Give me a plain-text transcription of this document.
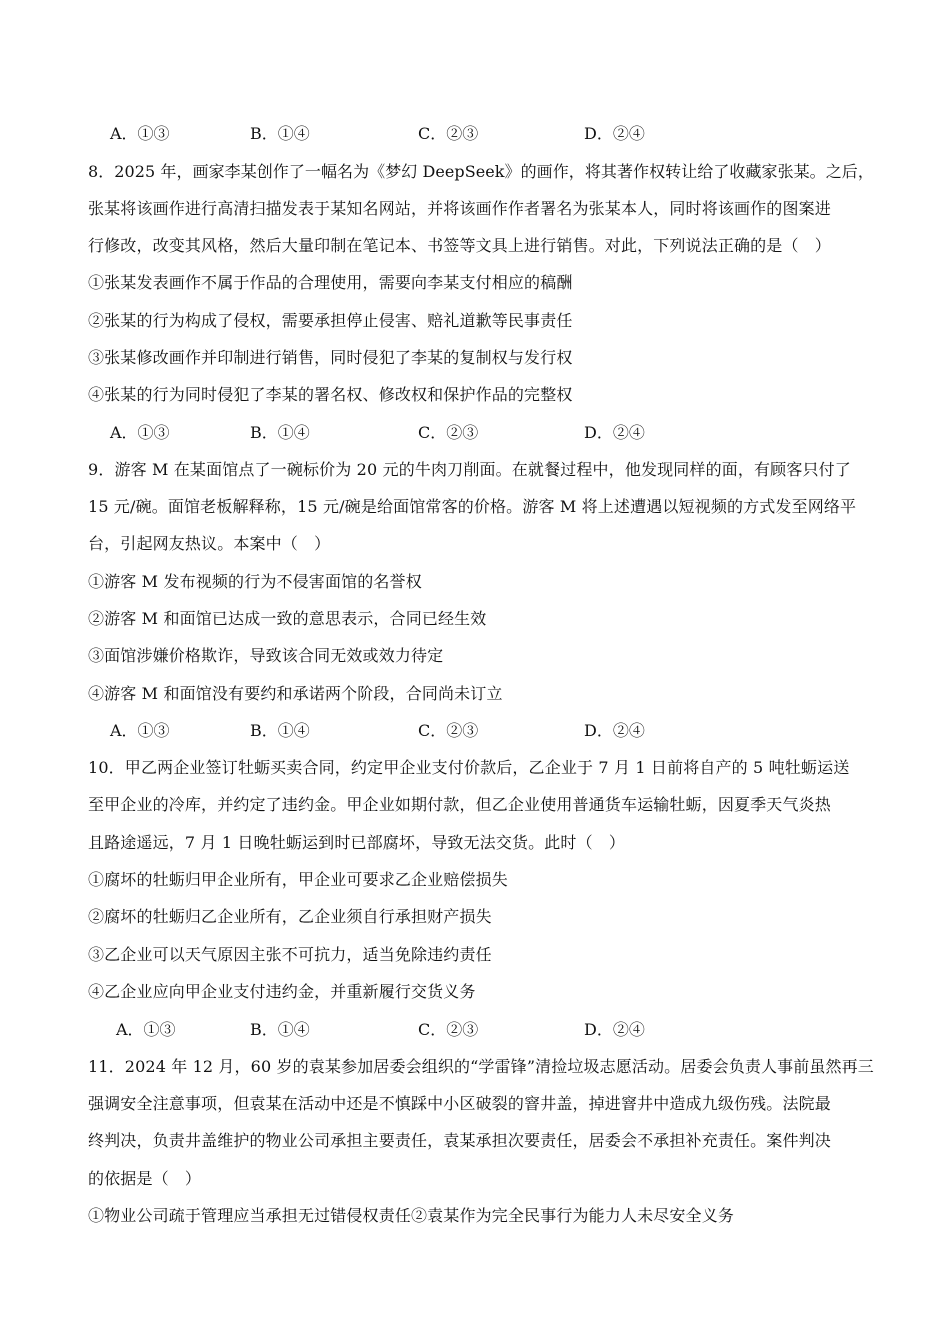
A．①③	B．①④	C．②③	D．②④
8．2025 年，画家李某创作了一幅名为《梦幻 DeepSeek》的画作，将其著作权转让给了收藏家张某。之后，
张某将该画作进行高清扫描发表于某知名网站，并将该画作作者署名为张某本人，同时将该画作的图案进
行修改，改变其风格，然后大量印制在笔记本、书签等文具上进行销售。对此，下列说法正确的是（　）
①张某发表画作不属于作品的合理使用，需要向李某支付相应的稿酬
②张某的行为构成了侵权，需要承担停止侵害、赔礼道歉等民事责任
③张某修改画作并印制进行销售，同时侵犯了李某的复制权与发行权
④张某的行为同时侵犯了李某的署名权、修改权和保护作品的完整权
A．①③	B．①④	C．②③	D．②④
9．游客 M 在某面馆点了一碗标价为 20 元的牛肉刀削面。在就餐过程中，他发现同样的面，有顾客只付了
15 元/碗。面馆老板解释称，15 元/碗是给面馆常客的价格。游客 M 将上述遭遇以短视频的方式发至网络平
台，引起网友热议。本案中（　）
①游客 M 发布视频的行为不侵害面馆的名誉权
②游客 M 和面馆已达成一致的意思表示，合同已经生效
③面馆涉嫌价格欺诈，导致该合同无效或效力待定
④游客 M 和面馆没有要约和承诺两个阶段，合同尚未订立
A．①③	B．①④	C．②③	D．②④
10．甲乙两企业签订牡蛎买卖合同，约定甲企业支付价款后，乙企业于 7 月 1 日前将自产的 5 吨牡蛎运送
至甲企业的冷库，并约定了违约金。甲企业如期付款，但乙企业使用普通货车运输牡蛎，因夏季天气炎热
且路途遥远，7 月 1 日晚牡蛎运到时已部腐坏，导致无法交货。此时（　）
①腐坏的牡蛎归甲企业所有，甲企业可要求乙企业赔偿损失
②腐坏的牡蛎归乙企业所有，乙企业须自行承担财产损失
③乙企业可以天气原因主张不可抗力，适当免除违约责任
④乙企业应向甲企业支付违约金，并重新履行交货义务
A．①③	B．①④	C．②③	D．②④
11．2024 年 12 月，60 岁的袁某参加居委会组织的“学雷锋”清捡垃圾志愿活动。居委会负责人事前虽然再三
强调安全注意事项，但袁某在活动中还是不慎踩中小区破裂的窨井盖，掉进窨井中造成九级伤残。法院最
终判决，负责井盖维护的物业公司承担主要责任，袁某承担次要责任，居委会不承担补充责任。案件判决
的依据是（　）
①物业公司疏于管理应当承担无过错侵权责任②袁某作为完全民事行为能力人未尽安全义务
